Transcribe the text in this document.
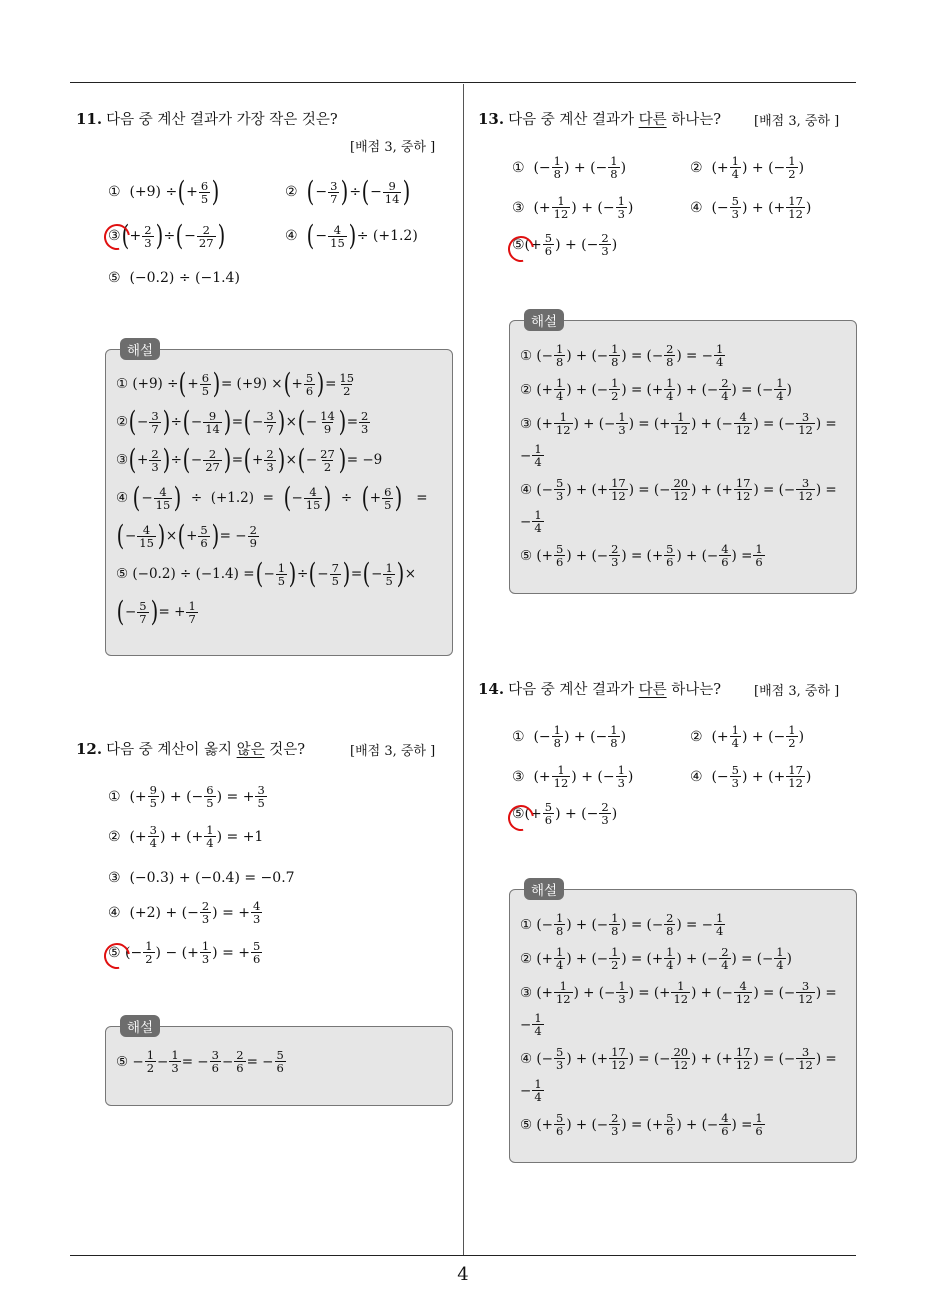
11. 다음 중 계산 결과가 가장 작은 것은?
[배점 3, 중하 ]
①  (+9) ÷ ( + 6
5 )	② ( − 3
7 ) ÷ ( − 9
14 )
③ ( + 2
3 ) ÷ ( − 2
27 )	④ ( − 4
15 ) ÷ (+1.2)
⑤  (−0.2) ÷ (−1.4)
해설
① (+9) ÷ ( + 6
5 ) = (+9) × ( + 5
6 ) = 15
2
② ( − 3
7 ) ÷ ( − 9
14 ) = ( − 3
7 ) × ( − 14
9 ) = 2
3
③ ( + 2
3 ) ÷ ( − 2
27 ) = ( + 2
3 ) × ( − 27
2 ) = −9
④ ( − 4
15 ) ÷  (+1.2)  = ( − 4
15 ) ÷ ( + 6
5 ) =
( − 4
15 ) × ( + 5
6 ) = − 2
9
⑤ (−0.2) ÷ (−1.4) = ( − 1
5 ) ÷ ( − 7
5 ) = ( − 1
5 ) ×
( − 5
7 ) = + 1
7
12. 다음 중 계산이 옳지 않은 것은?	[배점 3, 중하 ]
①  (+ 9
5 ) + (− 6
5 ) = + 3
5
②  (+ 3
4 ) + (+ 1
4 ) = +1
③  (−0.3) + (−0.4) = −0.7
④  (+2) + (− 2
3 ) = + 4
3
⑤ (− 1
2 ) − (+ 1
3 ) = + 5
6
해설
⑤ − 1
2 − 1
3 = − 3
6 − 2
6 = − 5
6
13. 다음 중 계산 결과가 다른 하나는?	[배점 3, 중하 ]
①  (− 1
8 ) + (− 1
8 )	②  (+ 1
4 ) + (− 1
2 )
③  (+ 1
12 ) + (− 1
3 )	④  (− 5
3 ) + (+ 17
12 )
⑤(+ 5
6 ) + (− 2
3 )
해설
① (− 1
8 ) + (− 1
8 ) = (− 2
8 ) = − 1
4
② (+ 1
4 ) + (− 1
2 ) = (+ 1
4 ) + (− 2
4 ) = (− 1
4 )
③ (+ 1
12 ) + (− 1
3 ) = (+ 1
12 ) + (− 4
12 ) = (− 3
12 ) =
− 1
4
④ (− 5
3 ) + (+ 17
12 ) = (− 20
12 ) + (+ 17
12 ) = (− 3
12 ) =
− 1
4
⑤ (+ 5
6 ) + (− 2
3 ) = (+ 5
6 ) + (− 4
6 ) = 1
6
14. 다음 중 계산 결과가 다른 하나는?	[배점 3, 중하 ]
①  (− 1
8 ) + (− 1
8 )	②  (+ 1
4 ) + (− 1
2 )
③  (+ 1
12 ) + (− 1
3 )	④  (− 5
3 ) + (+ 17
12 )
⑤(+ 5
6 ) + (− 2
3 )
해설
① (− 1
8 ) + (− 1
8 ) = (− 2
8 ) = − 1
4
② (+ 1
4 ) + (− 1
2 ) = (+ 1
4 ) + (− 2
4 ) = (− 1
4 )
③ (+ 1
12 ) + (− 1
3 ) = (+ 1
12 ) + (− 4
12 ) = (− 3
12 ) =
− 1
4
④ (− 5
3 ) + (+ 17
12 ) = (− 20
12 ) + (+ 17
12 ) = (− 3
12 ) =
− 1
4
⑤ (+ 5
6 ) + (− 2
3 ) = (+ 5
6 ) + (− 4
6 ) = 1
6
4
